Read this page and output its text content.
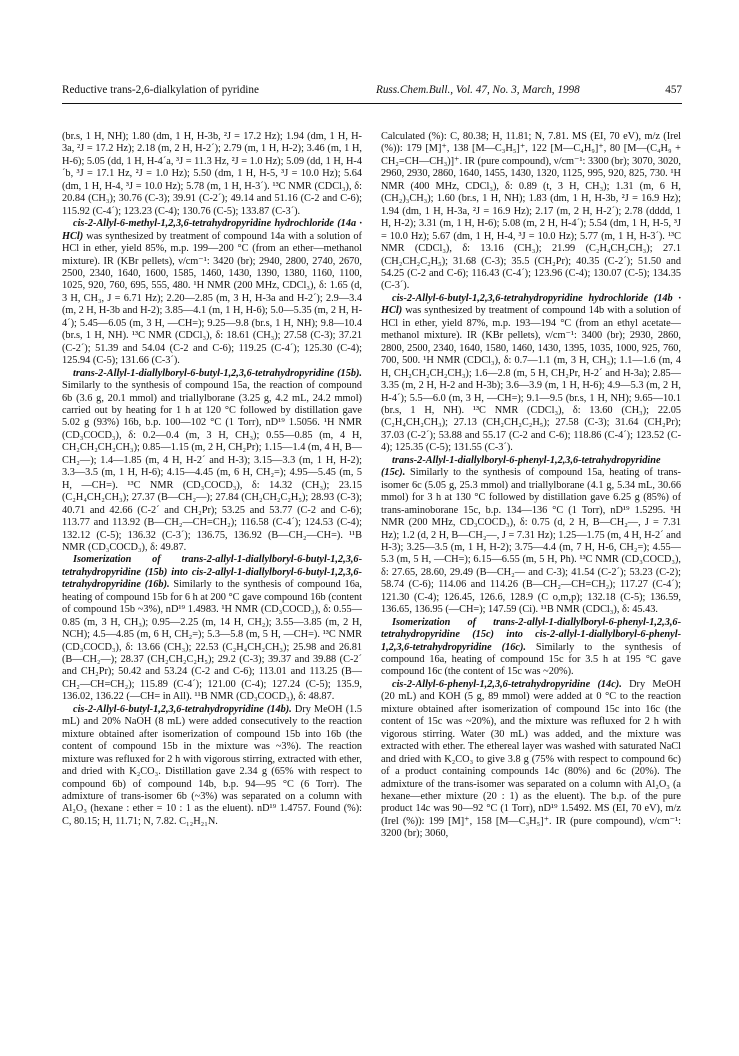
Reductive trans-2,6-dialkylation of pyridine	Russ.Chem.Bull., Vol. 47, No. 3, March, 1998	457

(br.s, 1 H, NH); 1.80 (dm, 1 H, H-3b, ²J = 17.2 Hz); 1.94 (dm, 1 H, H-3a, ²J = 17.2 Hz); 2.18 (m, 2 H, H-2´); 2.79 (m, 1 H, H-2); 3.46 (m, 1 H, H-6); 5.05 (dd, 1 H, H-4´a, ³J = 11.3 Hz, ²J = 1.0 Hz); 5.09 (dd, 1 H, H-4´b, ³J = 17.1 Hz, ²J = 1.0 Hz); 5.50 (dm, 1 H, H-5, ³J = 10.0 Hz); 5.64 (dm, 1 H, H-4, ³J = 10.0 Hz); 5.78 (m, 1 H, H-3´). ¹³C NMR (CDCl₃), δ: 20.84 (CH₃); 30.76 (C-3); 39.91 (C-2´); 49.14 and 51.16 (C-2 and C-6); 115.92 (C-4´); 123.23 (C-4); 130.76 (C-5); 133.87 (C-3´).

cis-2-Allyl-6-methyl-1,2,3,6-tetrahydropyridine hydrochloride (14a · HCl) was synthesized by treatment of compound 14a with a solution of HCl in ether, yield 85%, m.p. 199—200 °C (from an ether—methanol mixture). IR (KBr pellets), ν/cm⁻¹: 3420 (br); 2940, 2800, 2740, 2670, 2500, 2340, 1640, 1600, 1585, 1460, 1430, 1390, 1380, 1160, 1100, 1025, 920, 760, 695, 555, 480. ¹H NMR (200 MHz, CDCl₃), δ: 1.65 (d, 3 H, CH₃, J = 6.71 Hz); 2.20—2.85 (m, 3 H, H-3a and H-2´); 2.9—3.4 (m, 2 H, H-3b and H-2); 3.85—4.1 (m, 1 H, H-6); 5.0—5.35 (m, 2 H, H-4´); 5.45—6.05 (m, 3 H, —CH=); 9.25—9.8 (br.s, 1 H, NH); 9.8—10.4 (br.s, 1 H, NH). ¹³C NMR (CDCl₃), δ: 18.61 (CH₃); 27.58 (C-3); 37.21 (C-2´); 51.39 and 54.04 (C-2 and C-6); 119.25 (C-4´); 125.30 (C-4); 125.94 (C-5); 131.66 (C-3´).

trans-2-Allyl-1-diallylboryl-6-butyl-1,2,3,6-tetrahydropyridine (15b). Similarly to the synthesis of compound 15a, the reaction of compound 6b (3.6 g, 20.1 mmol) and triallylborane (3.25 g, 4.2 mL, 24.2 mmol) carried out by heating for 1 h at 120 °C followed by distillation gave 5.02 g (93%) 16b, b.p. 100—102 °C (1 Torr), nD¹⁹ 1.5056. ¹H NMR (CD₃COCD₃), δ: 0.2—0.4 (m, 3 H, CH₃); 0.55—0.85 (m, 4 H, CH₂CH₂CH₂CH₃); 0.85—1.15 (m, 2 H, CH₂Pr); 1.15—1.4 (m, 4 H, B—CH₂—); 1.4—1.85 (m, 4 H, H-2´ and H-3); 3.15—3.3 (m, 1 H, H-2); 3.3—3.5 (m, 1 H, H-6); 4.15—4.45 (m, 6 H, CH₂=); 4.95—5.45 (m, 5 H, —CH=). ¹³C NMR (CD₃COCD₃), δ: 14.32 (CH₃); 23.15 (C₂H₄CH₂CH₃); 27.37 (B—CH₂—); 27.84 (CH₂CH₂C₂H₅); 28.93 (C-3); 40.71 and 42.66 (C-2´ and CH₂Pr); 53.25 and 53.77 (C-2 and C-6); 113.77 and 113.92 (B—CH₂—CH=CH₂); 116.58 (C-4´); 124.53 (C-4); 132.12 (C-5); 136.32 (C-3´); 136.75, 136.92 (B—CH₂—CH=). ¹¹B NMR (CD₃COCD₃), δ: 49.87.

Isomerization of trans-2-allyl-1-diallylboryl-6-butyl-1,2,3,6-tetrahydropyridine (15b) into cis-2-allyl-1-diallylboryl-6-butyl-1,2,3,6-tetrahydropyridine (16b). Similarly to the synthesis of compound 16a, heating of compound 15b for 6 h at 200 °C gave compound 16b (content of compound 15b ~3%), nD¹⁹ 1.4983. ¹H NMR (CD₃COCD₃), δ: 0.55—0.85 (m, 3 H, CH₃); 0.95—2.25 (m, 14 H, CH₂); 3.55—3.85 (m, 2 H, NCH); 4.5—4.85 (m, 6 H, CH₂=); 5.3—5.8 (m, 5 H, —CH=). ¹³C NMR (CD₃COCD₃), δ: 13.66 (CH₃); 22.53 (C₂H₄CH₂CH₃); 25.98 and 26.81 (B—CH₂—); 28.37 (CH₂CH₂C₂H₅); 29.2 (C-3); 39.37 and 39.88 (C-2´ and CH₂Pr); 50.42 and 53.24 (C-2 and C-6); 113.01 and 113.25 (B—CH₂—CH=CH₂); 115.89 (C-4´); 121.00 (C-4); 127.24 (C-5); 135.9, 136.02, 136.22 (—CH= in All). ¹¹B NMR (CD₃COCD₃), δ: 48.87.

cis-2-Allyl-6-butyl-1,2,3,6-tetrahydropyridine (14b). Dry MeOH (1.5 mL) and 20% NaOH (8 mL) were added consecutively to the reaction mixture obtained after isomerization of compound 15b into 16b (the content of compound 15b in the mixture was ~3%). The reaction mixture was refluxed for 2 h with vigorous stirring, extracted with ether, and dried with K₂CO₃. Distillation gave 2.34 g (65% with respect to compound 6b) of compound 14b, b.p. 94—95 °C (6 Torr). The admixture of trans-isomer 6b (~3%) was separated on a column with Al₂O₃ (hexane : ether = 10 : 1 as the eluent). nD¹⁹ 1.4757. Found (%): C, 80.15; H, 11.71; N, 7.82. C₁₂H₂₁N.

Calculated (%): C, 80.38; H, 11.81; N, 7.81. MS (EI, 70 eV), m/z (Irel (%)): 179 [M]⁺, 138 [M—C₃H₅]⁺, 122 [M—C₄H₉]⁺, 80 [M—(C₄H₉ + CH₂=CH—CH₃)]⁺. IR (pure compound), ν/cm⁻¹: 3300 (br); 3070, 3020, 2960, 2930, 2860, 1640, 1455, 1430, 1320, 1125, 995, 920, 825, 730. ¹H NMR (400 MHz, CDCl₃), δ: 0.89 (t, 3 H, CH₃); 1.31 (m, 6 H, (CH₂)₃CH₃); 1.60 (br.s, 1 H, NH); 1.83 (dm, 1 H, H-3b, ²J = 16.9 Hz); 1.94 (dm, 1 H, H-3a, ²J = 16.9 Hz); 2.17 (m, 2 H, H-2´); 2.78 (dddd, 1 H, H-2); 3.31 (m, 1 H, H-6); 5.08 (m, 2 H, H-4´); 5.54 (dm, 1 H, H-5, ³J = 10.0 Hz); 5.67 (dm, 1 H, H-4, ³J = 10.0 Hz); 5.77 (m, 1 H, H-3´). ¹³C NMR (CDCl₃), δ: 13.16 (CH₃); 21.99 (C₂H₄CH₂CH₃); 27.1 (CH₂CH₂C₂H₅); 31.68 (C-3); 35.5 (CH₂Pr); 40.35 (C-2´); 51.50 and 54.25 (C-2 and C-6); 116.43 (C-4´); 123.96 (C-4); 130.07 (C-5); 134.35 (C-3´).

cis-2-Allyl-6-butyl-1,2,3,6-tetrahydropyridine hydrochloride (14b · HCl) was synthesized by treatment of compound 14b with a solution of HCl in ether, yield 87%, m.p. 193—194 °C (from an ethyl acetate—methanol mixture). IR (KBr pellets), ν/cm⁻¹: 3400 (br); 2930, 2860, 2800, 2500, 2340, 1640, 1580, 1460, 1430, 1395, 1035, 1000, 925, 760, 700, 500. ¹H NMR (CDCl₃), δ: 0.7—1.1 (m, 3 H, CH₃); 1.1—1.6 (m, 4 H, CH₂CH₂CH₂CH₃); 1.6—2.8 (m, 5 H, CH₂Pr, H-2´ and H-3a); 2.85—3.35 (m, 2 H, H-2 and H-3b); 3.6—3.9 (m, 1 H, H-6); 4.9—5.3 (m, 2 H, H-4´); 5.5—6.0 (m, 3 H, —CH=); 9.1—9.5 (br.s, 1 H, NH); 9.65—10.1 (br.s, 1 H, NH). ¹³C NMR (CDCl₃), δ: 13.60 (CH₃); 22.05 (C₂H₄CH₂CH₃); 27.13 (CH₂CH₂C₂H₅); 27.58 (C-3); 31.64 (CH₂Pr); 37.03 (C-2´); 53.88 and 55.17 (C-2 and C-6); 118.86 (C-4´); 123.52 (C-4); 125.35 (C-5); 131.55 (C-3´).

trans-2-Allyl-1-diallylboryl-6-phenyl-1,2,3,6-tetrahydropyridine (15c). Similarly to the synthesis of compound 15a, heating of trans-isomer 6c (5.05 g, 25.3 mmol) and triallylborane (4.1 g, 5.34 mL, 30.66 mmol) for 3 h at 130 °C followed by distillation gave 6.25 g (85%) of trans-aminoborane 15c, b.p. 134—136 °C (1 Torr), nD¹⁹ 1.5295. ¹H NMR (200 MHz, CD₃COCD₃), δ: 0.75 (d, 2 H, B—CH₂—, J = 7.31 Hz); 1.2 (d, 2 H, B—CH₂—, J = 7.31 Hz); 1.25—1.75 (m, 4 H, H-2´ and H-3); 3.25—3.5 (m, 1 H, H-2); 3.75—4.4 (m, 7 H, H-6, CH₂=); 4.55—5.3 (m, 5 H, —CH=); 6.15—6.55 (m, 5 H, Ph). ¹³C NMR (CD₃COCD₃), δ: 27.65, 28.60, 29.49 (B—CH₂— and C-3); 41.54 (C-2´); 53.23 (C-2); 58.74 (C-6); 114.06 and 114.26 (B—CH₂—CH=CH₂); 117.27 (C-4´); 121.30 (C-4); 126.45, 126.6, 128.9 (C o,m,p); 132.18 (C-5); 136.59, 136.65, 136.95 (—CH=); 147.59 (Ci). ¹¹B NMR (CDCl₃), δ: 45.43.

Isomerization of trans-2-allyl-1-diallylboryl-6-phenyl-1,2,3,6-tetrahydropyridine (15c) into cis-2-allyl-1-diallylboryl-6-phenyl-1,2,3,6-tetrahydropyridine (16c). Similarly to the synthesis of compound 16a, heating of compound 15c for 3.5 h at 195 °C gave compound 16c (the content of 15c was ~20%).

cis-2-Allyl-6-phenyl-1,2,3,6-tetrahydropyridine (14c). Dry MeOH (20 mL) and KOH (5 g, 89 mmol) were added at 0 °C to the reaction mixture obtained after isomerization of compound 15c into 16c (the content of 15c was ~20%), and the mixture was refluxed for 2 h with vigorous stirring. Water (30 mL) was added, and the mixture was extracted with ether. The ethereal layer was washed with saturated NaCl and dried with K₂CO₃ to give 3.8 g (75% with respect to compound 6c) of a product containing compounds 14c (80%) and 6c (20%). The admixture of the trans-isomer was separated on a column with Al₂O₃ (a hexane—ether mixture (20 : 1) as the eluent). The b.p. of the pure product 14c was 90—92 °C (1 Torr), nD¹⁹ 1.5492. MS (EI, 70 eV), m/z (Irel (%)): 199 [M]⁺, 158 [M—C₃H₅]⁺. IR (pure compound), ν/cm⁻¹: 3200 (br); 3060,
